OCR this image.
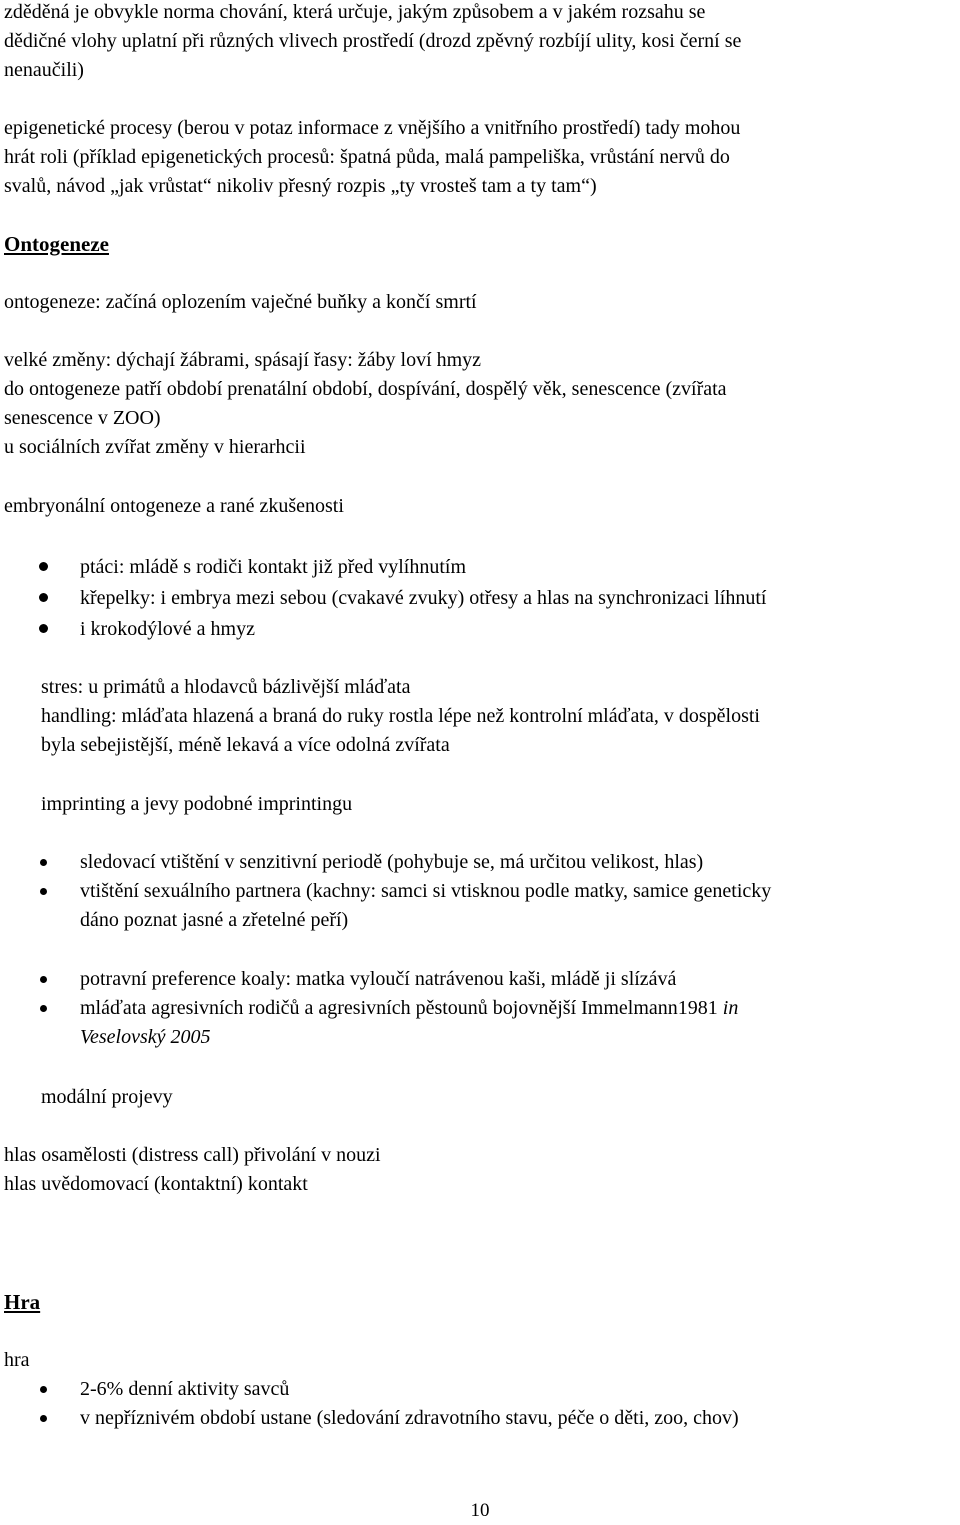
zděděná je obvykle norma chování, která určuje, jakým způsobem a v jakém rozsahu se
dědičné vlohy uplatní při různých vlivech prostředí (drozd zpěvný rozbíjí ulity, kosi černí se
nenaučili)
epigenetické procesy (berou v potaz informace z vnějšího a vnitřního prostředí) tady mohou
hrát roli (příklad epigenetických procesů: špatná půda, malá pampeliška, vrůstání nervů do
svalů, návod „jak vrůstat“ nikoliv přesný rozpis „ty vrosteš tam a ty tam“)
Ontogeneze
ontogeneze: začíná oplozením vaječné buňky a končí smrtí
velké změny: dýchají žábrami, spásají řasy: žáby loví hmyz
do ontogeneze patří období prenatální období, dospívání, dospělý věk, senescence (zvířata
senescence v ZOO)
u sociálních zvířat změny v hierarhcii
embryonální ontogeneze a rané zkušenosti
ptáci: mládě s rodiči kontakt již před vylíhnutím
křepelky: i embrya mezi sebou (cvakavé zvuky) otřesy a hlas na synchronizaci líhnutí
i krokodýlové a hmyz
stres: u primátů a hlodavců bázlivější mláďata
handling: mláďata hlazená a braná do ruky rostla lépe než kontrolní mláďata, v dospělosti
byla sebejistější, méně lekavá a více odolná zvířata
imprinting a jevy podobné imprintingu
sledovací vtištění v senzitivní periodě (pohybuje se, má určitou velikost, hlas)
vtištění sexuálního partnera (kachny: samci si vtisknou podle matky, samice geneticky
dáno poznat jasné a zřetelné peří)
potravní preference koaly: matka vyloučí natrávenou kaši, mládě ji slízává
mláďata agresivních rodičů a agresivních pěstounů bojovnější Immelmann1981 in
Veselovský 2005
modální projevy
hlas osamělosti (distress call) přivolání v nouzi
hlas uvědomovací (kontaktní) kontakt
Hra
hra
2-6% denní aktivity savců
v nepříznivém období ustane (sledování zdravotního stavu, péče o děti, zoo, chov)
10
